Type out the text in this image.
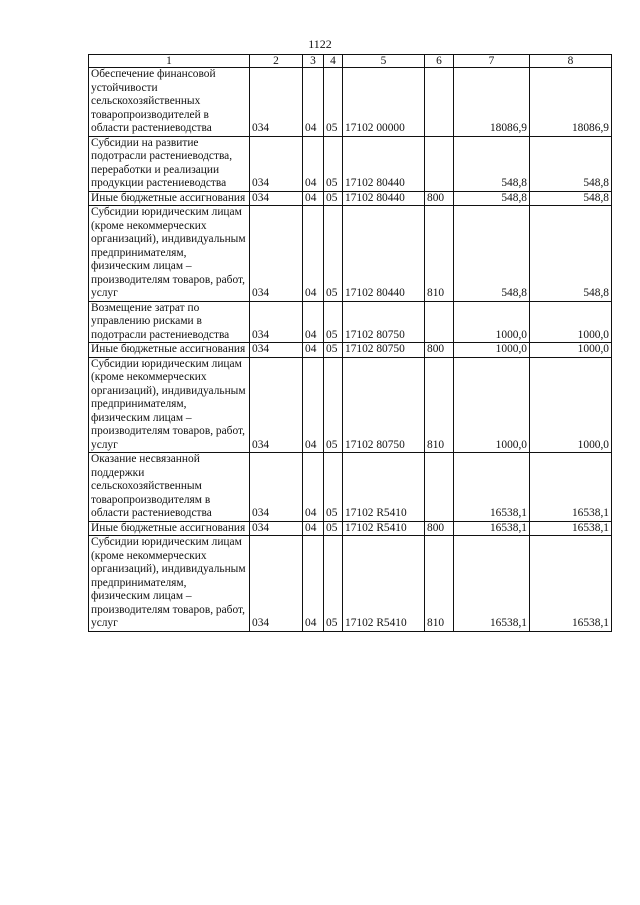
1122
1	2	3	4	5	6	7	8
Обеспечение финансовой устойчивости сельскохозяйственных товаропроизводителей в области растениеводства	034	04	05	17102 00000		18086,9	18086,9
Субсидии на развитие подотрасли растениеводства, переработки и реализации продукции растениеводства	034	04	05	17102 80440		548,8	548,8
Иные бюджетные ассигнования	034	04	05	17102 80440	800	548,8	548,8
Субсидии юридическим лицам (кроме некоммерческих организаций), индивидуальным предпринимателям, физическим лицам – производителям товаров, работ, услуг	034	04	05	17102 80440	810	548,8	548,8
Возмещение затрат по управлению рисками в подотрасли растениеводства	034	04	05	17102 80750		1000,0	1000,0
Иные бюджетные ассигнования	034	04	05	17102 80750	800	1000,0	1000,0
Субсидии юридическим лицам (кроме некоммерческих организаций), индивидуальным предпринимателям, физическим лицам – производителям товаров, работ, услуг	034	04	05	17102 80750	810	1000,0	1000,0
Оказание несвязанной поддержки сельскохозяйственным товаропроизводителям в области растениеводства	034	04	05	17102 R5410		16538,1	16538,1
Иные бюджетные ассигнования	034	04	05	17102 R5410	800	16538,1	16538,1
Субсидии юридическим лицам (кроме некоммерческих организаций), индивидуальным предпринимателям, физическим лицам – производителям товаров, работ, услуг	034	04	05	17102 R5410	810	16538,1	16538,1
